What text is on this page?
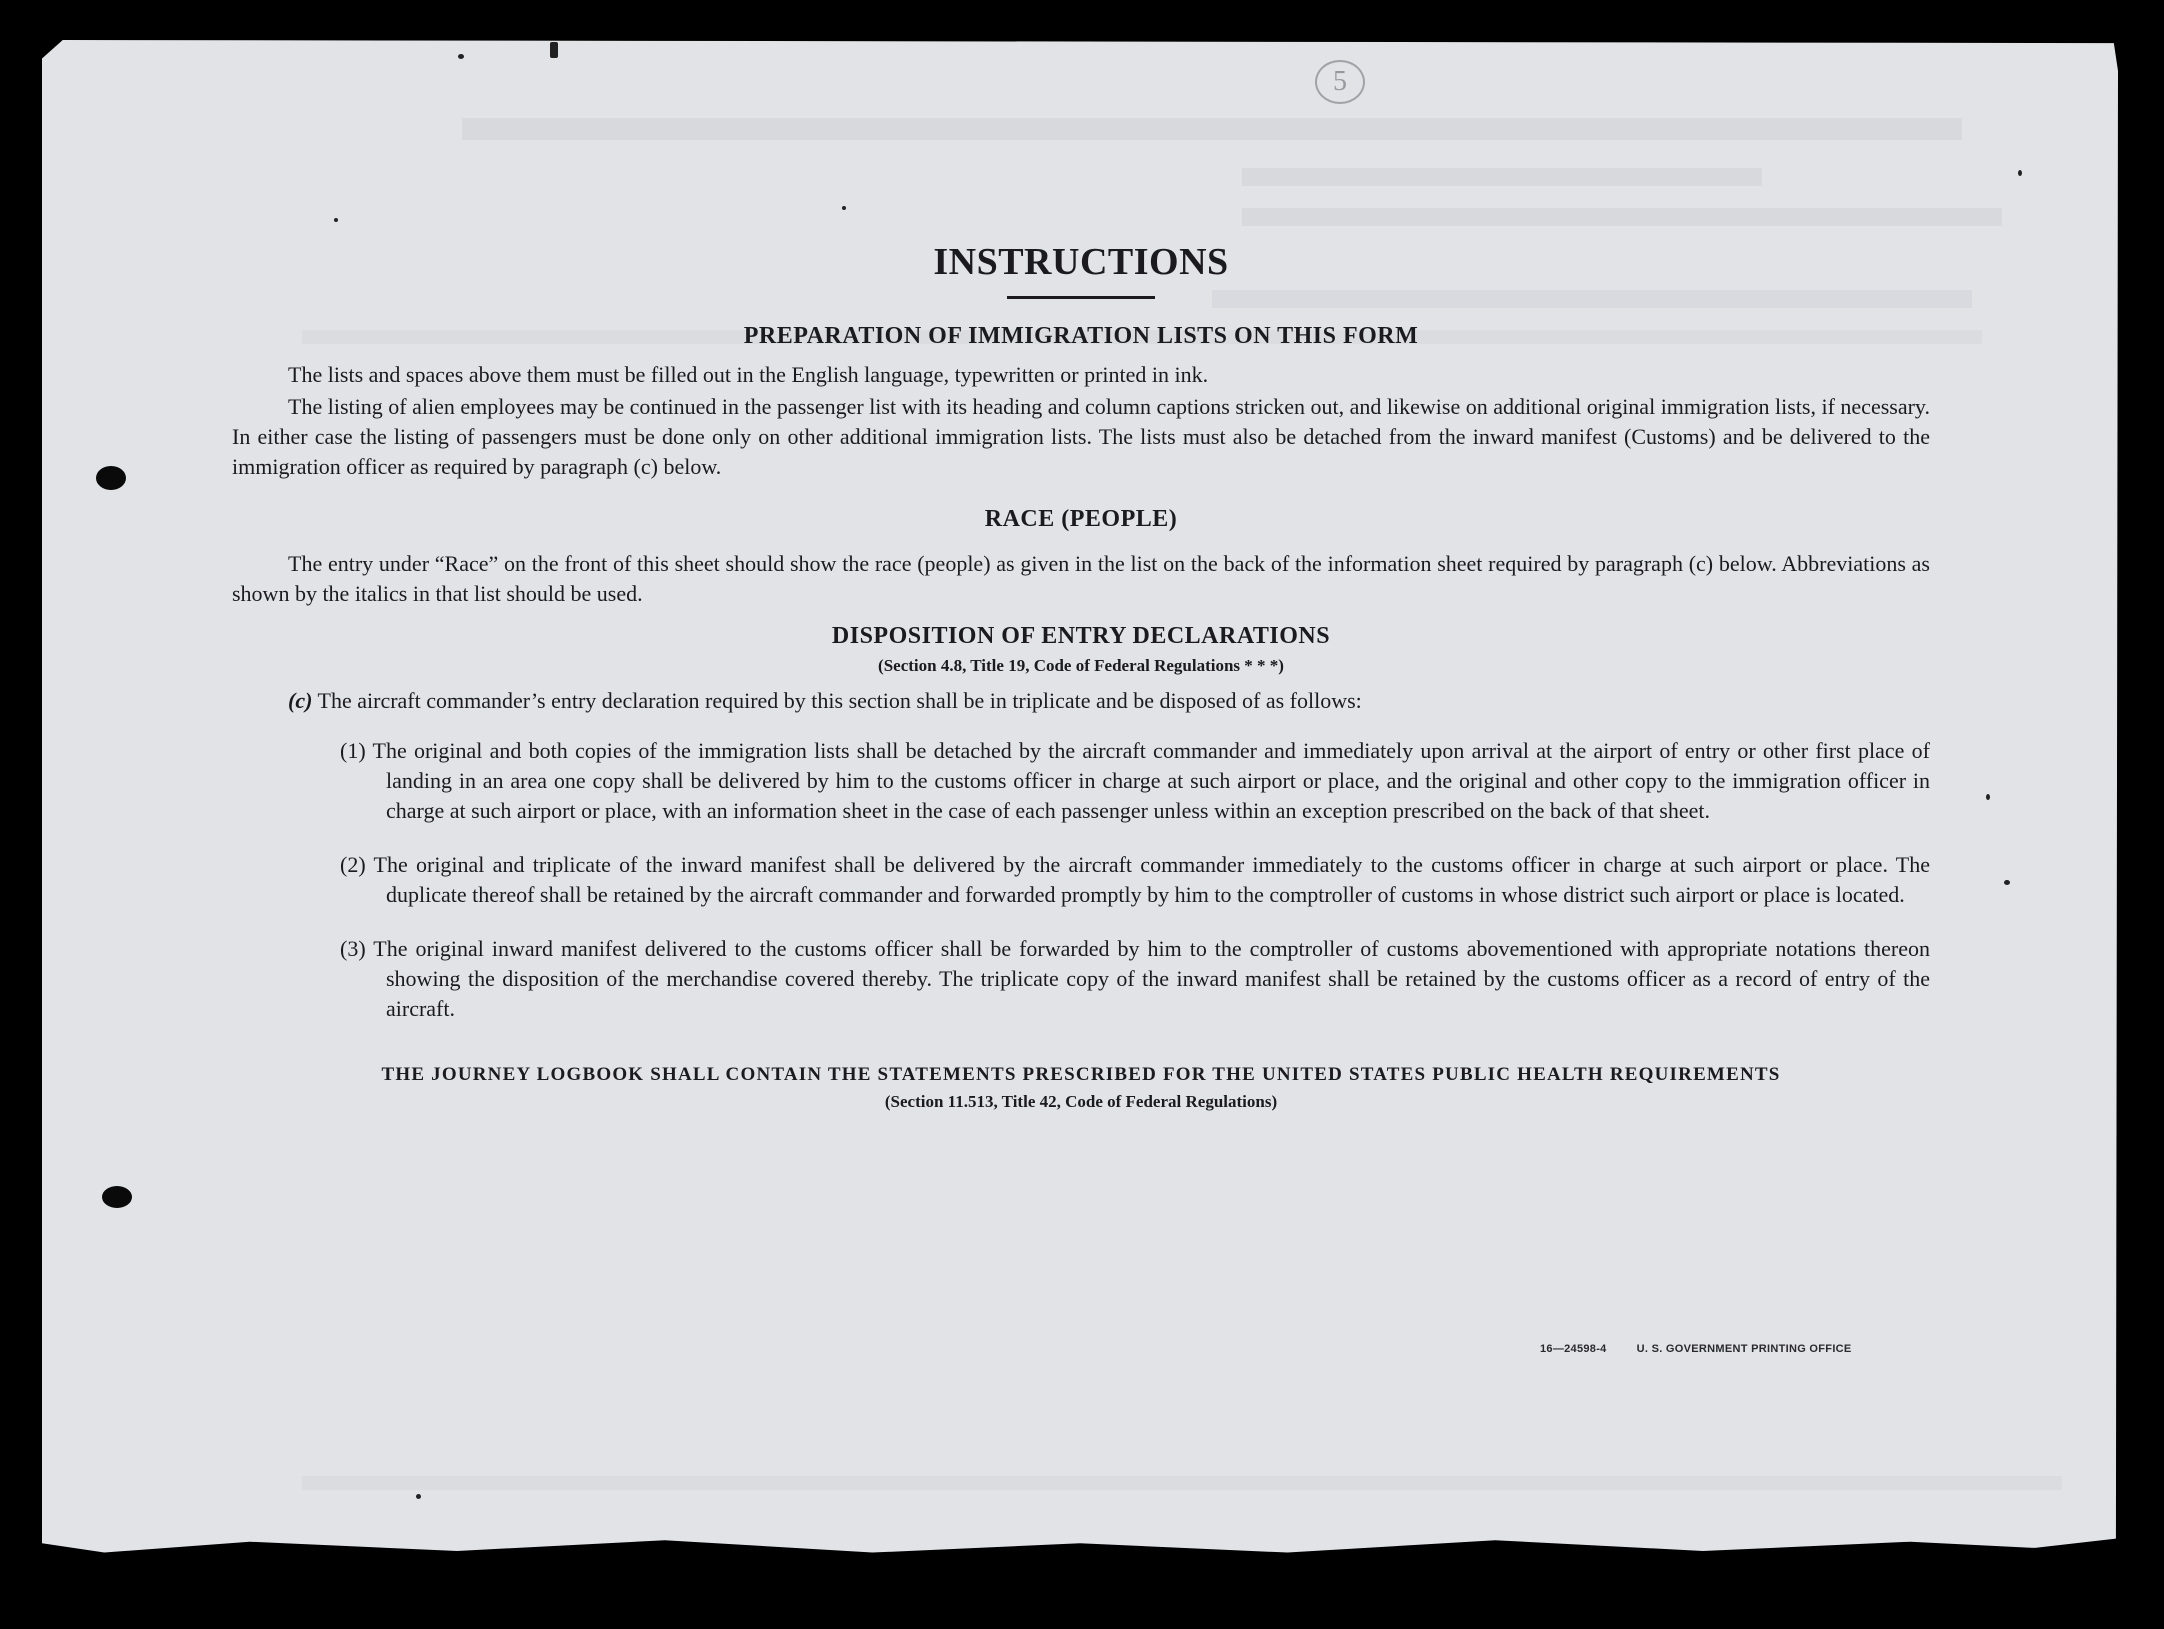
5
INSTRUCTIONS
PREPARATION OF IMMIGRATION LISTS ON THIS FORM

The lists and spaces above them must be filled out in the English language, typewritten or printed in ink.

The listing of alien employees may be continued in the passenger list with its heading and column captions stricken out, and likewise on additional original immigration lists, if necessary. In either case the listing of passengers must be done only on other additional immigration lists. The lists must also be detached from the inward manifest (Customs) and be delivered to the immigration officer as required by paragraph (c) below.

RACE (PEOPLE)

The entry under “Race” on the front of this sheet should show the race (people) as given in the list on the back of the information sheet required by paragraph (c) below. Abbreviations as shown by the italics in that list should be used.

DISPOSITION OF ENTRY DECLARATIONS
(Section 4.8, Title 19, Code of Federal Regulations * * *)

(c) The aircraft commander’s entry declaration required by this section shall be in triplicate and be disposed of as follows:

(1) The original and both copies of the immigration lists shall be detached by the aircraft commander and immediately upon arrival at the airport of entry or other first place of landing in an area one copy shall be delivered by him to the customs officer in charge at such airport or place, and the original and other copy to the immigration officer in charge at such airport or place, with an information sheet in the case of each passenger unless within an exception prescribed on the back of that sheet.
(2) The original and triplicate of the inward manifest shall be delivered by the aircraft commander immediately to the customs officer in charge at such airport or place. The duplicate thereof shall be retained by the aircraft commander and forwarded promptly by him to the comptroller of customs in whose district such airport or place is located.
(3) The original inward manifest delivered to the customs officer shall be forwarded by him to the comptroller of customs abovementioned with appropriate notations thereon showing the disposition of the merchandise covered thereby. The triplicate copy of the inward manifest shall be retained by the customs officer as a record of entry of the aircraft.
THE JOURNEY LOGBOOK SHALL CONTAIN THE STATEMENTS PRESCRIBED FOR THE UNITED STATES PUBLIC HEALTH REQUIREMENTS
(Section 11.513, Title 42, Code of Federal Regulations)
16—24598-4	U. S. GOVERNMENT PRINTING OFFICE
